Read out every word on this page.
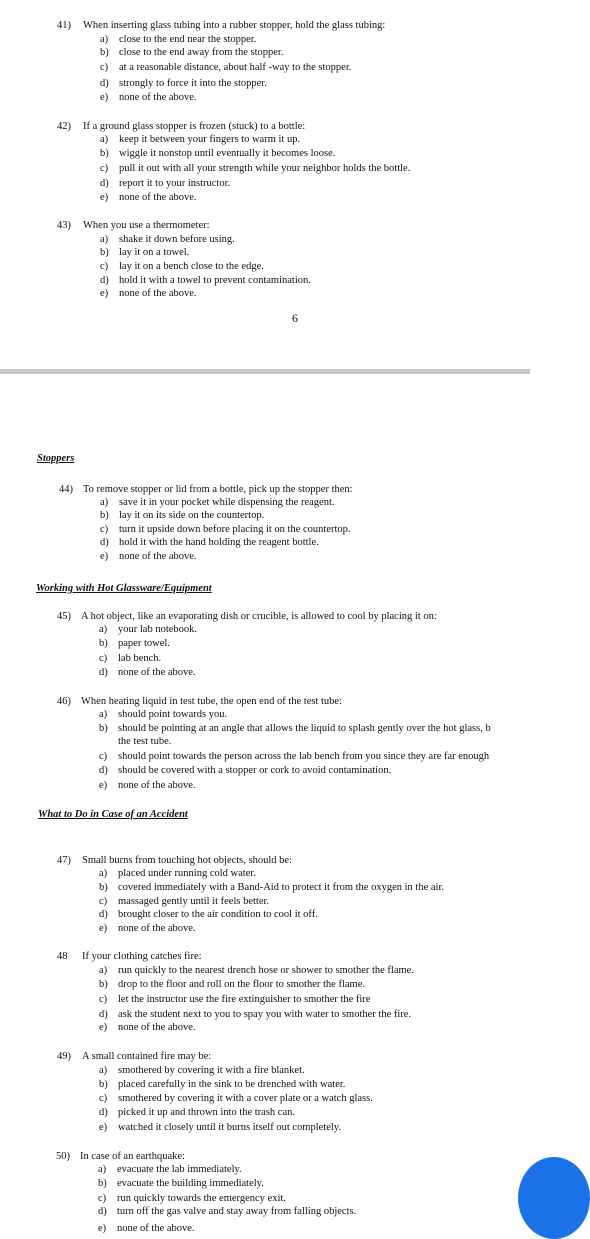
41) When inserting glass tubing into a rubber stopper, hold the glass tubing:
a) close to the end near the stopper.
b) close to the end away from the stopper.
c) at a reasonable distance, about half -way to the stopper.
d) strongly to force it into the stopper.
e) none of the above.
42) If a ground glass stopper is frozen (stuck) to a bottle:
a) keep it between your fingers to warm it up.
b) wiggle it nonstop until eventually it becomes loose.
c) pull it out with all your strength while your neighbor holds the bottle.
d) report it to your instructor.
e) none of the above.
43) When you use a thermometer:
a) shake it down before using.
b) lay it on a towel.
c) lay it on a bench close to the edge.
d) hold it with a towel to prevent contamination.
e) none of the above.
6
Stoppers
44) To remove stopper or lid from a bottle, pick up the stopper then:
a) save it in your pocket while dispensing the reagent.
b) lay it on its side on the countertop.
c) turn it upside down before placing it on the countertop.
d) hold it with the hand holding the reagent bottle.
e) none of the above.
Working with Hot Glassware/Equipment
45) A hot object, like an evaporating dish or crucible, is allowed to cool by placing it on:
a) your lab notebook.
b) paper towel.
c) lab bench.
d) none of the above.
46) When heating liquid in test tube, the open end of the test tube:
a) should point towards you.
b) should be pointing at an angle that allows the liquid to splash gently over the hot glass, b
the test tube.
c) should point towards the person across the lab bench from you since they are far enough
d) should be covered with a stopper or cork to avoid contamination.
e) none of the above.
What to Do in Case of an Accident
47) Small burns from touching hot objects, should be:
a) placed under running cold water.
b) covered immediately with a Band-Aid to protect it from the oxygen in the air.
c) massaged gently until it feels better.
d) brought closer to the air condition to cool it off.
e) none of the above.
48 If your clothing catches fire:
a) run quickly to the nearest drench hose or shower to smother the flame.
b) drop to the floor and roll on the floor to smother the flame.
c) let the instructor use the fire extinguisher to smother the fire
d) ask the student next to you to spay you with water to smother the fire.
e) none of the above.
49) A small contained fire may be:
a) smothered by covering it with a fire blanket.
b) placed carefully in the sink to be drenched with water.
c) smothered by covering it with a cover plate or a watch glass.
d) picked it up and thrown into the trash can.
e) watched it closely until it burns itself out completely.
50) In case of an earthquake:
a) evacuate the lab immediately.
b) evacuate the building immediately.
c) run quickly towards the emergency exit.
d) turn off the gas valve and stay away from falling objects.
e) none of the above.
